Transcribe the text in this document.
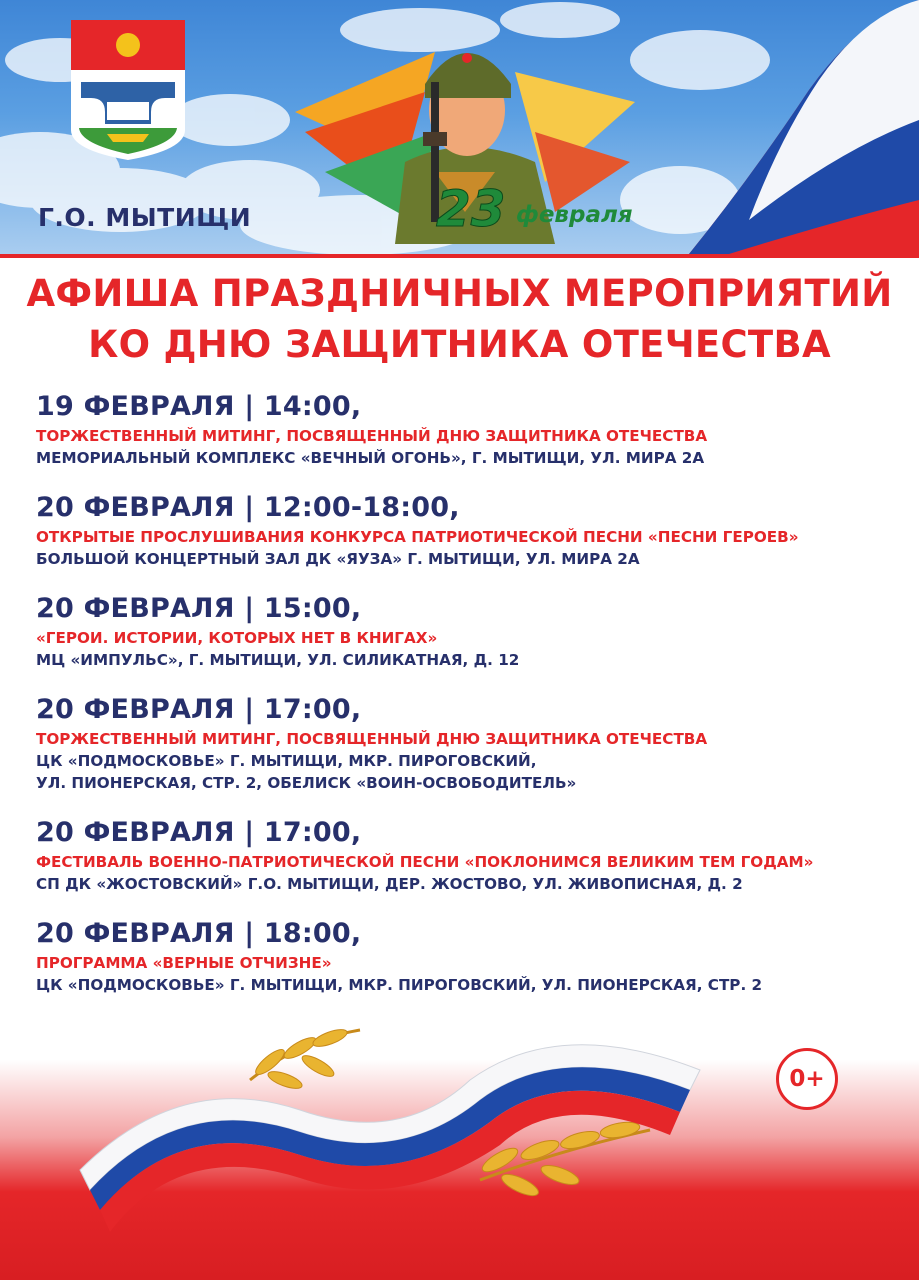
Г.О. МЫТИЩИ	23 февраля
АФИША ПРАЗДНИЧНЫХ МЕРОПРИЯТИЙ
КО ДНЮ ЗАЩИТНИКА ОТЕЧЕСТВА
19 ФЕВРАЛЯ | 14:00,
ТОРЖЕСТВЕННЫЙ МИТИНГ, ПОСВЯЩЕННЫЙ ДНЮ ЗАЩИТНИКА ОТЕЧЕСТВА
МЕМОРИАЛЬНЫЙ КОМПЛЕКС «ВЕЧНЫЙ ОГОНЬ», Г. МЫТИЩИ, УЛ. МИРА 2А
20 ФЕВРАЛЯ | 12:00-18:00,
ОТКРЫТЫЕ ПРОСЛУШИВАНИЯ КОНКУРСА ПАТРИОТИЧЕСКОЙ ПЕСНИ «ПЕСНИ ГЕРОЕВ»
БОЛЬШОЙ КОНЦЕРТНЫЙ ЗАЛ ДК «ЯУЗА» Г. МЫТИЩИ, УЛ. МИРА 2А
20 ФЕВРАЛЯ | 15:00,
«ГЕРОИ. ИСТОРИИ, КОТОРЫХ НЕТ В КНИГАХ»
МЦ «ИМПУЛЬС», Г. МЫТИЩИ, УЛ. СИЛИКАТНАЯ, Д. 12
20 ФЕВРАЛЯ | 17:00,
ТОРЖЕСТВЕННЫЙ МИТИНГ, ПОСВЯЩЕННЫЙ ДНЮ ЗАЩИТНИКА ОТЕЧЕСТВА
ЦК «ПОДМОСКОВЬЕ» Г. МЫТИЩИ, МКР. ПИРОГОВСКИЙ,
УЛ. ПИОНЕРСКАЯ, СТР. 2, ОБЕЛИСК «ВОИН-ОСВОБОДИТЕЛЬ»
20 ФЕВРАЛЯ | 17:00,
ФЕСТИВАЛЬ ВОЕННО-ПАТРИОТИЧЕСКОЙ ПЕСНИ «ПОКЛОНИМСЯ ВЕЛИКИМ ТЕМ ГОДАМ»
СП ДК «ЖОСТОВСКИЙ» Г.О. МЫТИЩИ, ДЕР. ЖОСТОВО, УЛ. ЖИВОПИСНАЯ, Д. 2
20 ФЕВРАЛЯ | 18:00,
ПРОГРАММА «ВЕРНЫЕ ОТЧИЗНЕ»
ЦК «ПОДМОСКОВЬЕ» Г. МЫТИЩИ, МКР. ПИРОГОВСКИЙ, УЛ. ПИОНЕРСКАЯ, СТР. 2
0+
